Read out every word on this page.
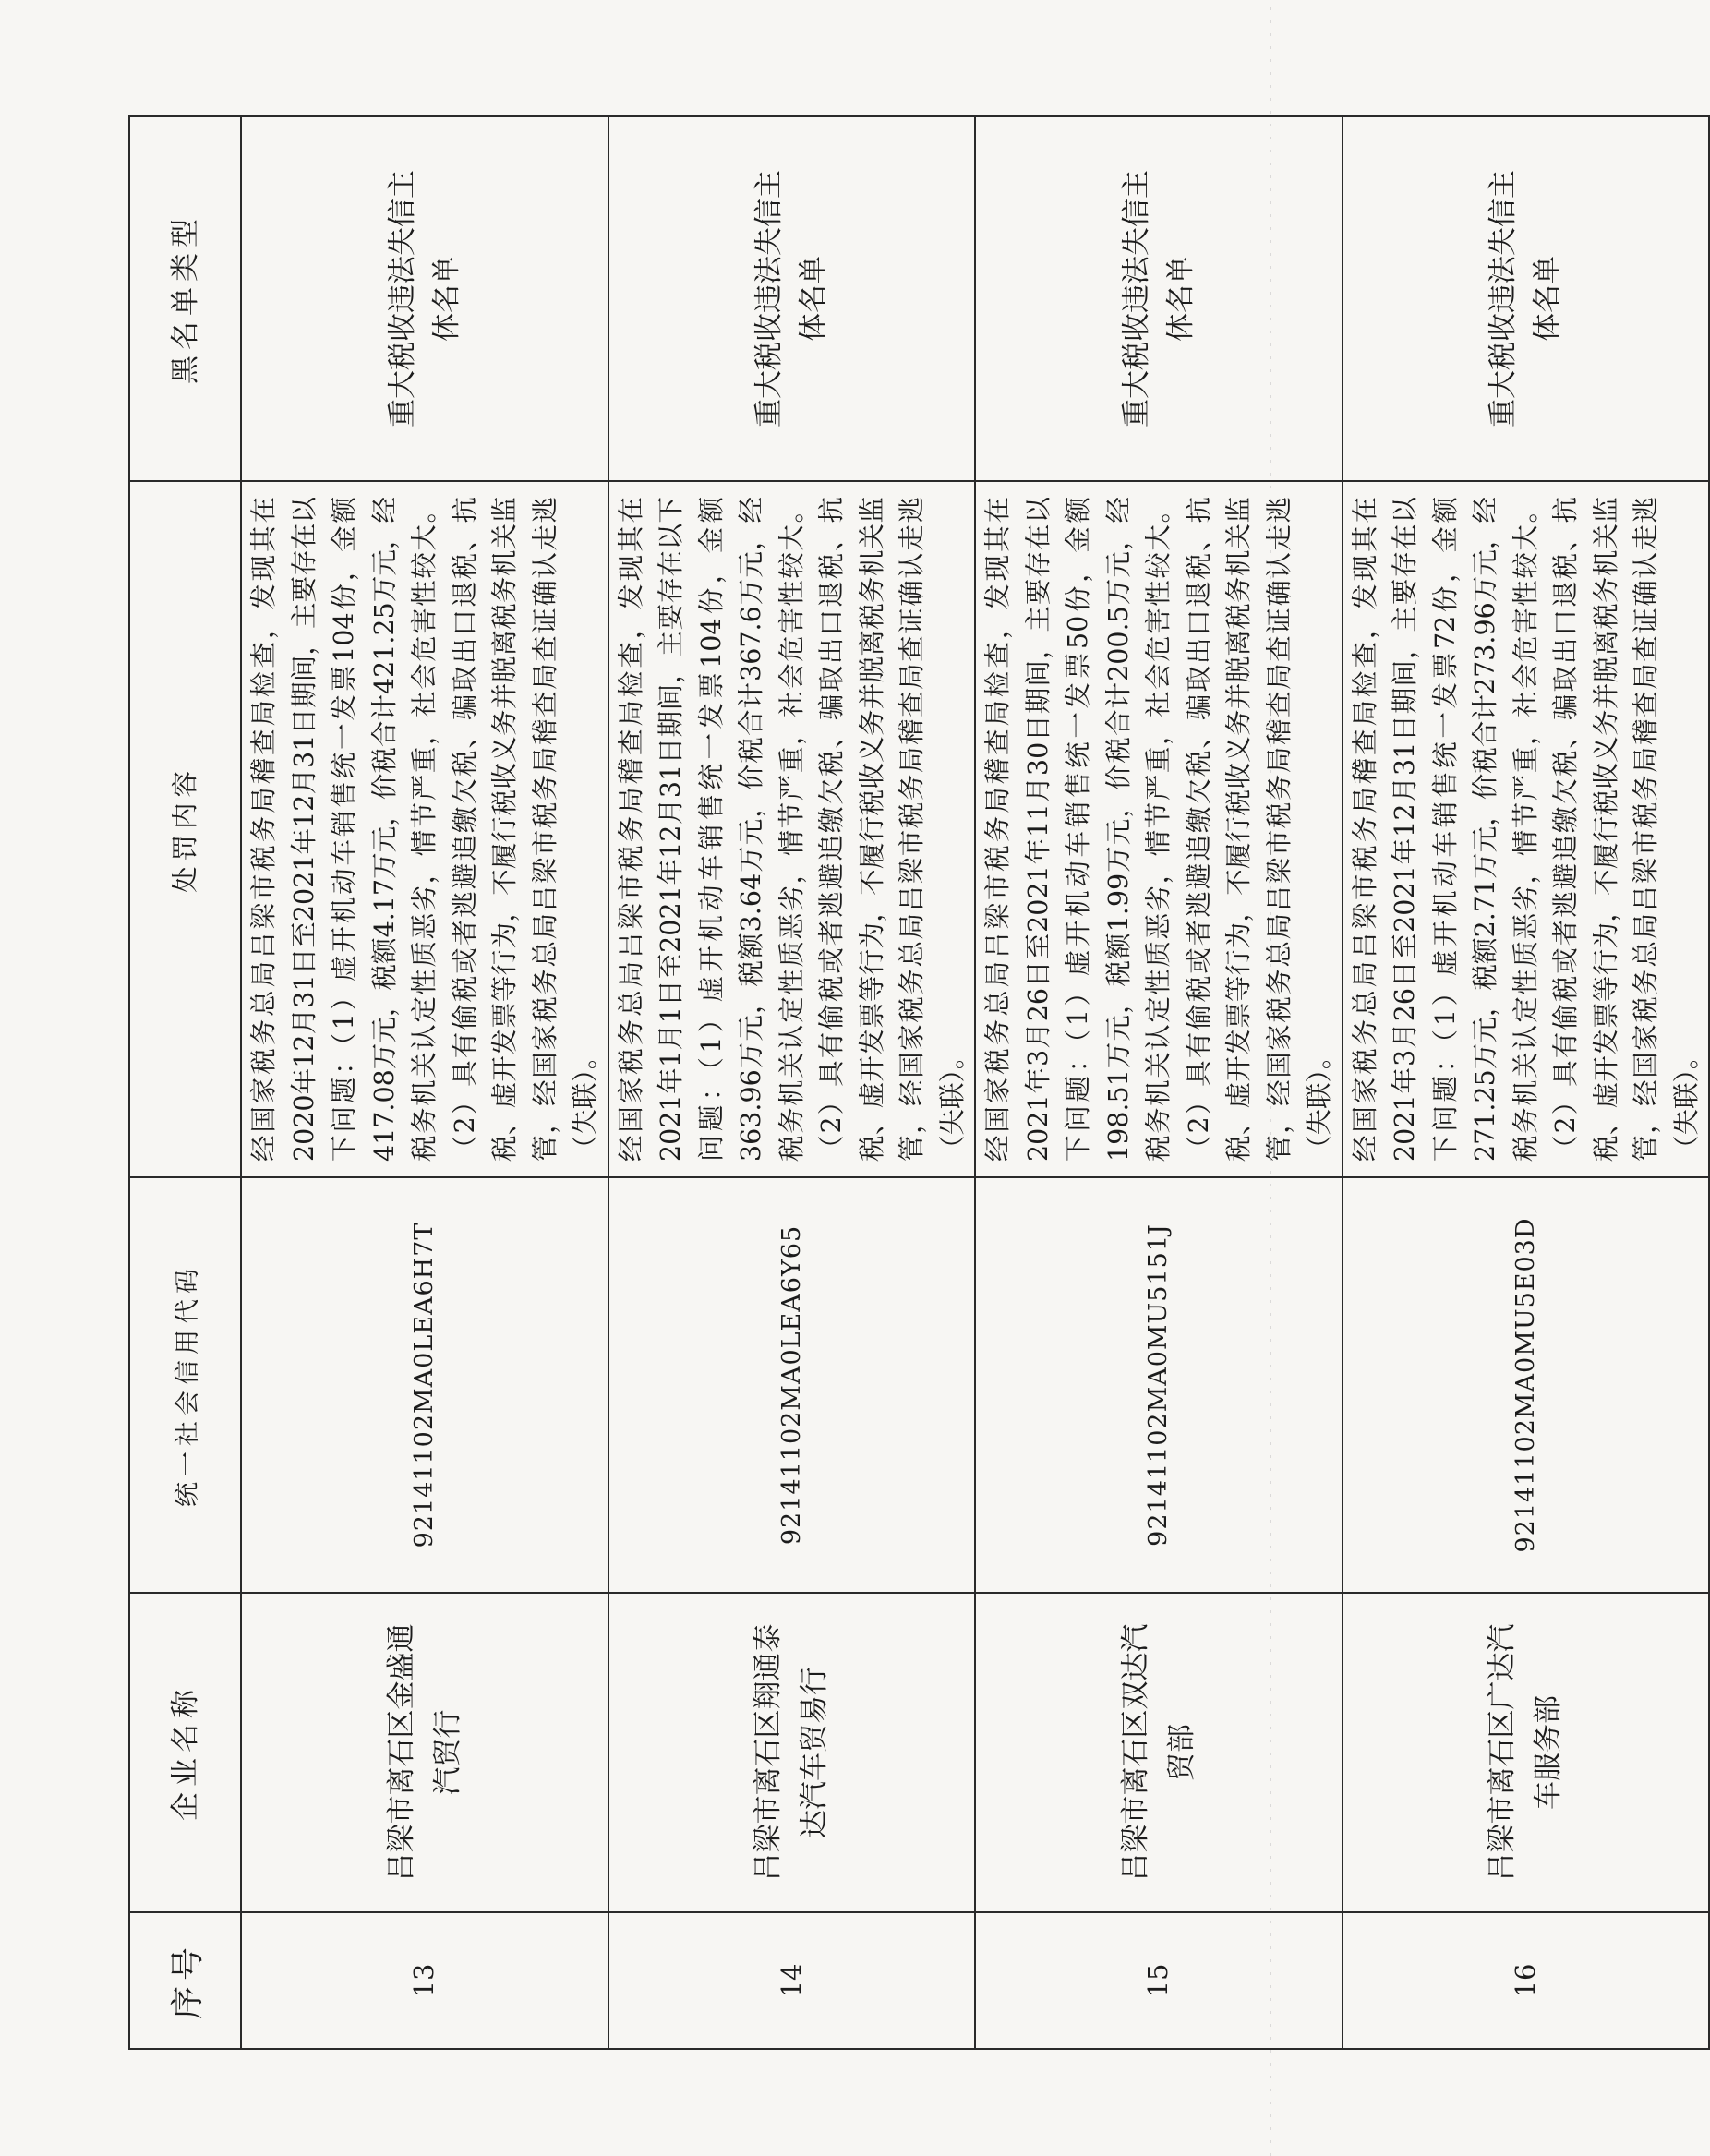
序号	企业名称	统一社会信用代码	处罚内容	黑名单类型
13	吕梁市离石区金盛通汽贸行	92141102MA0LEA6H7T	经国家税务总局吕梁市税务局稽查局检查，发现其在2020年12月31日至2021年12月31日期间，主要存在以下问题：（1）虚开机动车销售统一发票104份，金额417.08万元，税额4.17万元，价税合计421.25万元，经税务机关认定性质恶劣，情节严重，社会危害性较大。（2）具有偷税或者逃避追缴欠税、骗取出口退税、抗税、虚开发票等行为，不履行税收义务并脱离税务机关监管，经国家税务总局吕梁市税务局稽查局查证确认走逃（失联）。	重大税收违法失信主体名单
14	吕梁市离石区翔通泰达汽车贸易行	92141102MA0LEA6Y65	经国家税务总局吕梁市税务局稽查局检查，发现其在2021年1月1日至2021年12月31日期间，主要存在以下问题：（1）虚开机动车销售统一发票104份，金额363.96万元，税额3.64万元，价税合计367.6万元，经税务机关认定性质恶劣，情节严重，社会危害性较大。（2）具有偷税或者逃避追缴欠税、骗取出口退税、抗税、虚开发票等行为，不履行税收义务并脱离税务机关监管，经国家税务总局吕梁市税务局稽查局查证确认走逃（失联）。	重大税收违法失信主体名单
15	吕梁市离石区双达汽贸部	92141102MA0MU5151J	经国家税务总局吕梁市税务局稽查局检查，发现其在2021年3月26日至2021年11月30日期间，主要存在以下问题：（1）虚开机动车销售统一发票50份，金额198.51万元，税额1.99万元，价税合计200.5万元，经税务机关认定性质恶劣，情节严重，社会危害性较大。（2）具有偷税或者逃避追缴欠税、骗取出口退税、抗税、虚开发票等行为，不履行税收义务并脱离税务机关监管，经国家税务总局吕梁市税务局稽查局查证确认走逃（失联）。	重大税收违法失信主体名单
16	吕梁市离石区广达汽车服务部	92141102MA0MU5E03D	经国家税务总局吕梁市税务局稽查局检查，发现其在2021年3月26日至2021年12月31日期间，主要存在以下问题：（1）虚开机动车销售统一发票72份，金额271.25万元，税额2.71万元，价税合计273.96万元，经税务机关认定性质恶劣，情节严重，社会危害性较大。（2）具有偷税或者逃避追缴欠税、骗取出口退税、抗税、虚开发票等行为，不履行税收义务并脱离税务机关监管，经国家税务总局吕梁市税务局稽查局查证确认走逃（失联）。	重大税收违法失信主体名单
